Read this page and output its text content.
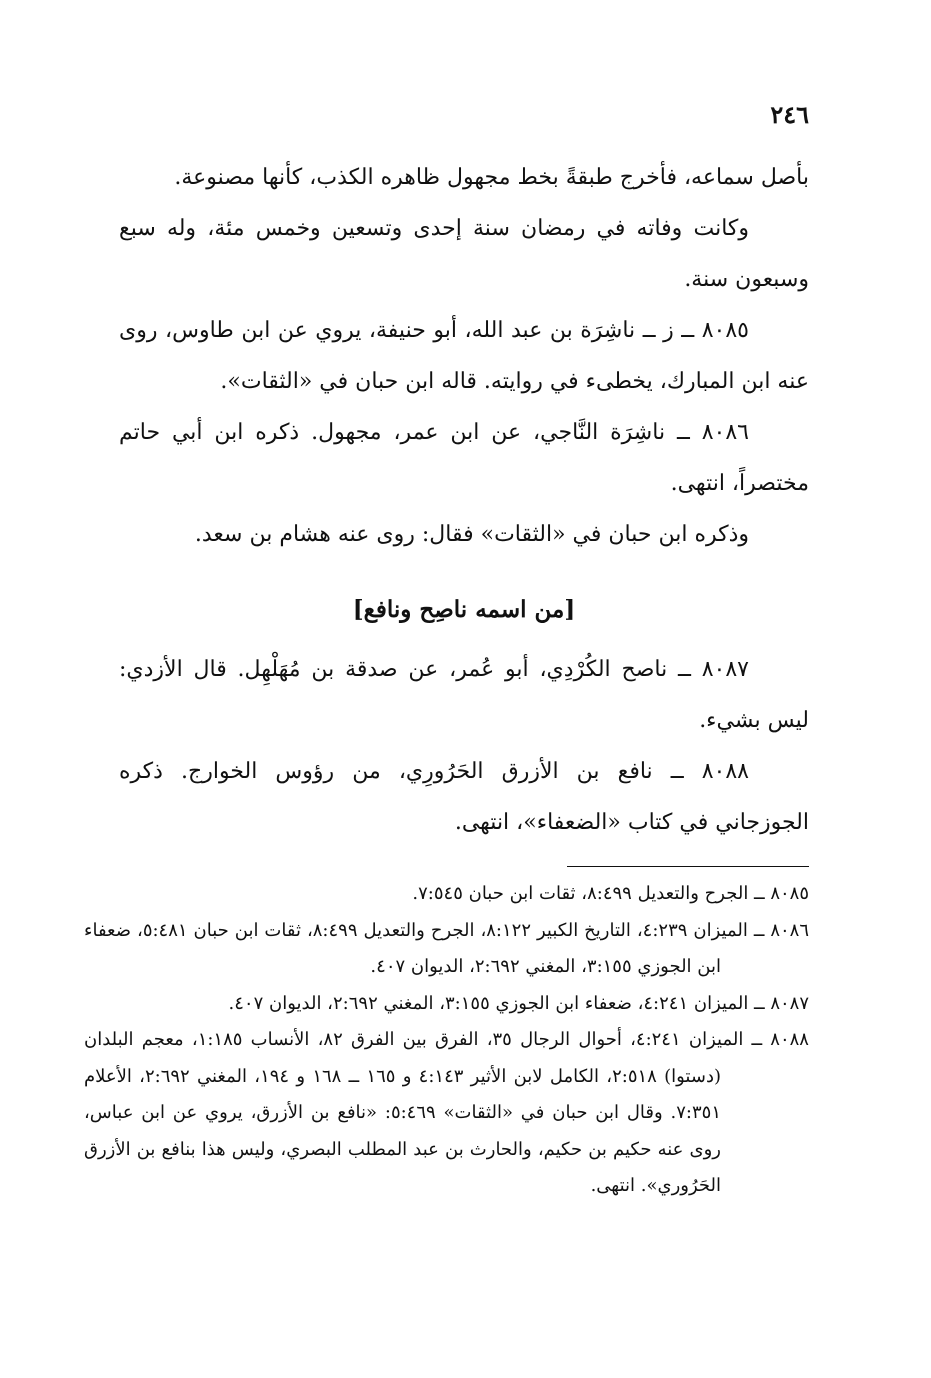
٢٤٦

بأصل سماعه، فأخرج طبقةً بخط مجهول ظاهره الكذب، كأنها مصنوعة.

وكانت وفاته في رمضان سنة إحدى وتسعين وخمس مئة، وله سبع وسبعون سنة.

٨٠٨٥ ــ ز ــ ناشِرَة بن عبد الله، أبو حنيفة، يروي عن ابن طاوس، روى عنه ابن المبارك، يخطىء في روايته. قاله ابن حبان في «الثقات».

٨٠٨٦ ــ ناشِرَة النَّاجي، عن ابن عمر، مجهول. ذكره ابن أبي حاتم مختصراً، انتهى.

وذكره ابن حبان في «الثقات» فقال: روى عنه هشام بن سعد.

[من اسمه ناصِح ونافع]

٨٠٨٧ ــ ناصح الكُرْدِي، أبو عُمر، عن صدقة بن مُهَلْهِل. قال الأزدي: ليس بشيء.

٨٠٨٨ ــ نافع بن الأزرق الحَرُورِي، من رؤوس الخوارج. ذكره الجوزجاني في كتاب «الضعفاء»، انتهى.

٨٠٨٥ ــ الجرح والتعديل ٨:٤٩٩، ثقات ابن حبان ٧:٥٤٥.

٨٠٨٦ ــ الميزان ٤:٢٣٩، التاريخ الكبير ٨:١٢٢، الجرح والتعديل ٨:٤٩٩، ثقات ابن حبان ٥:٤٨١، ضعفاء ابن الجوزي ٣:١٥٥، المغني ٢:٦٩٢، الديوان ٤٠٧.

٨٠٨٧ ــ الميزان ٤:٢٤١، ضعفاء ابن الجوزي ٣:١٥٥، المغني ٢:٦٩٢، الديوان ٤٠٧.

٨٠٨٨ ــ الميزان ٤:٢٤١، أحوال الرجال ٣٥، الفرق بين الفرق ٨٢، الأنساب ١:١٨٥، معجم البلدان (دستوا) ٢:٥١٨، الكامل لابن الأثير ٤:١٤٣ و ١٦٥ ــ ١٦٨ و ١٩٤، المغني ٢:٦٩٢، الأعلام ٧:٣٥١. وقال ابن حبان في «الثقات» ٥:٤٦٩: «نافع بن الأزرق، يروي عن ابن عباس، روى عنه حكيم بن حكيم، والحارث بن عبد المطلب البصري، وليس هذا بنافع بن الأزرق الحَرُوري». انتهى.
